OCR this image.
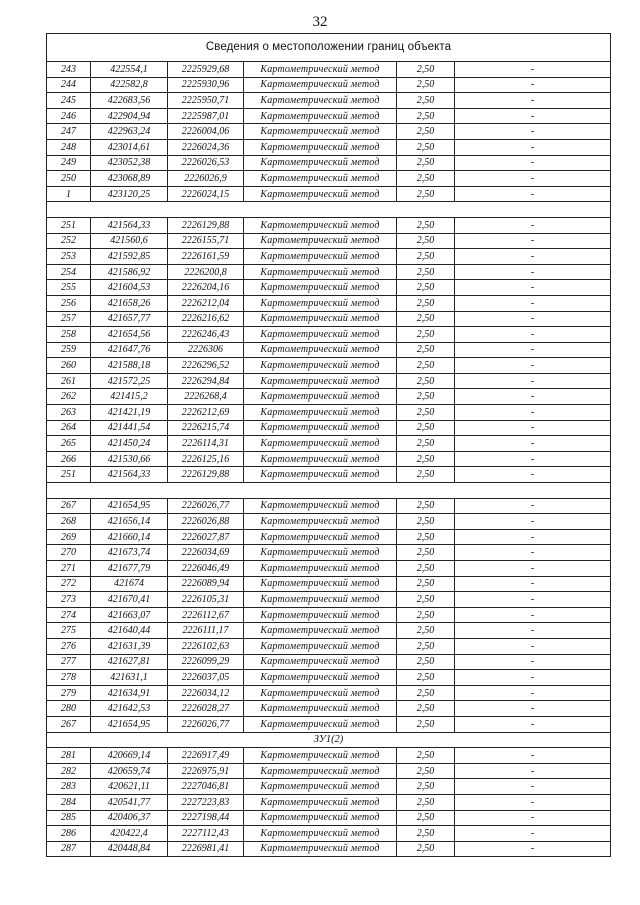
32
Сведения о местоположении границ объекта					
243	422554,1	2225929,68	Картометрический метод	2,50	-
244	422582,8	2225930,96	Картометрический метод	2,50	-
245	422683,56	2225950,71	Картометрический метод	2,50	-
246	422904,94	2225987,01	Картометрический метод	2,50	-
247	422963,24	2226004,06	Картометрический метод	2,50	-
248	423014,61	2226024,36	Картометрический метод	2,50	-
249	423052,38	2226026,53	Картометрический метод	2,50	-
250	423068,89	2226026,9	Картометрический метод	2,50	-
1	423120,25	2226024,15	Картометрический метод	2,50	-

251	421564,33	2226129,88	Картометрический метод	2,50	-
252	421560,6	2226155,71	Картометрический метод	2,50	-
253	421592,85	2226161,59	Картометрический метод	2,50	-
254	421586,92	2226200,8	Картометрический метод	2,50	-
255	421604,53	2226204,16	Картометрический метод	2,50	-
256	421658,26	2226212,04	Картометрический метод	2,50	-
257	421657,77	2226216,62	Картометрический метод	2,50	-
258	421654,56	2226246,43	Картометрический метод	2,50	-
259	421647,76	2226306	Картометрический метод	2,50	-
260	421588,18	2226296,52	Картометрический метод	2,50	-
261	421572,25	2226294,84	Картометрический метод	2,50	-
262	421415,2	2226268,4	Картометрический метод	2,50	-
263	421421,19	2226212,69	Картометрический метод	2,50	-
264	421441,54	2226215,74	Картометрический метод	2,50	-
265	421450,24	2226114,31	Картометрический метод	2,50	-
266	421530,66	2226125,16	Картометрический метод	2,50	-
251	421564,33	2226129,88	Картометрический метод	2,50	-

267	421654,95	2226026,77	Картометрический метод	2,50	-
268	421656,14	2226026,88	Картометрический метод	2,50	-
269	421660,14	2226027,87	Картометрический метод	2,50	-
270	421673,74	2226034,69	Картометрический метод	2,50	-
271	421677,79	2226046,49	Картометрический метод	2,50	-
272	421674	2226089,94	Картометрический метод	2,50	-
273	421670,41	2226105,31	Картометрический метод	2,50	-
274	421663,07	2226112,67	Картометрический метод	2,50	-
275	421640,44	2226111,17	Картометрический метод	2,50	-
276	421631,39	2226102,63	Картометрический метод	2,50	-
277	421627,81	2226099,29	Картометрический метод	2,50	-
278	421631,1	2226037,05	Картометрический метод	2,50	-
279	421634,91	2226034,12	Картометрический метод	2,50	-
280	421642,53	2226028,27	Картометрический метод	2,50	-
267	421654,95	2226026,77	Картометрический метод	2,50	-
ЗУ1(2)					
281	420669,14	2226917,49	Картометрический метод	2,50	-
282	420659,74	2226975,91	Картометрический метод	2,50	-
283	420621,11	2227046,81	Картометрический метод	2,50	-
284	420541,77	2227223,83	Картометрический метод	2,50	-
285	420406,37	2227198,44	Картометрический метод	2,50	-
286	420422,4	2227112,43	Картометрический метод	2,50	-
287	420448,84	2226981,41	Картометрический метод	2,50	-
